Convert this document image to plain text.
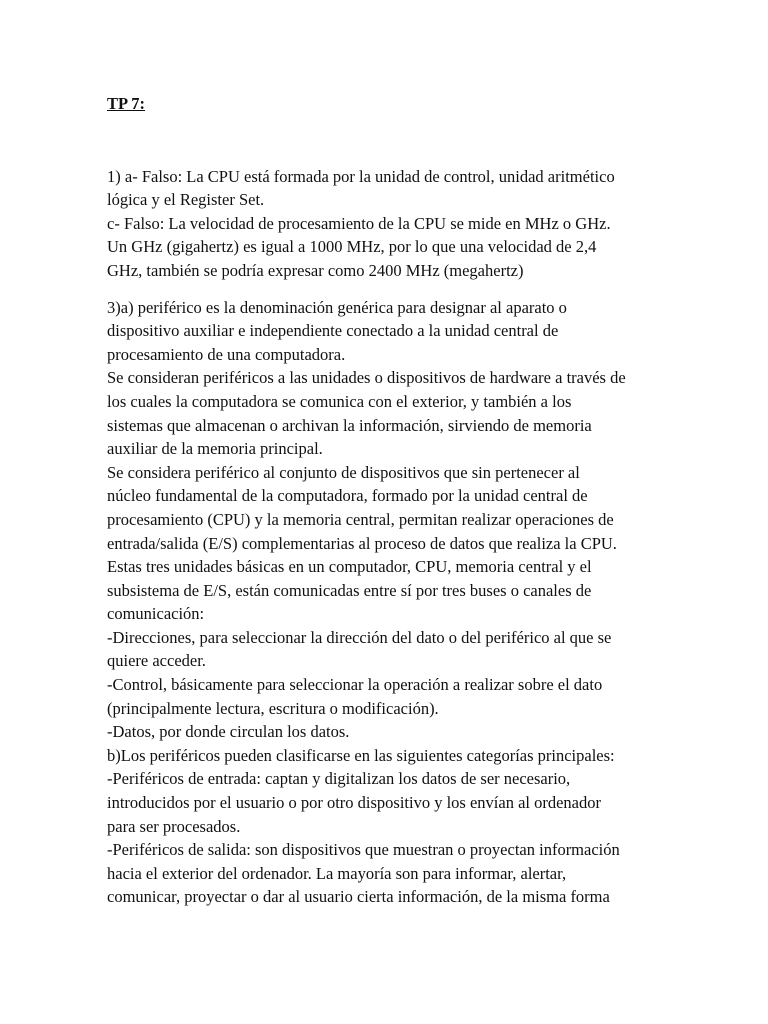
TP 7:

1) a- Falso: La CPU está formada por la unidad de control, unidad aritmético
lógica y el Register Set.
c- Falso: La velocidad de procesamiento de la CPU se mide en MHz o GHz.
Un GHz (gigahertz) es igual a 1000 MHz, por lo que una velocidad de 2,4
GHz, también se podría expresar como 2400 MHz (megahertz)

3)a) periférico es la denominación genérica para designar al aparato o
dispositivo auxiliar e independiente conectado a la unidad central de
procesamiento de una computadora.
Se consideran periféricos a las unidades o dispositivos de hardware a través de
los cuales la computadora se comunica con el exterior, y también a los
sistemas que almacenan o archivan la información, sirviendo de memoria
auxiliar de la memoria principal.
Se considera periférico al conjunto de dispositivos que sin pertenecer al
núcleo fundamental de la computadora, formado por la unidad central de
procesamiento (CPU) y la memoria central, permitan realizar operaciones de
entrada/salida (E/S) complementarias al proceso de datos que realiza la CPU.
Estas tres unidades básicas en un computador, CPU, memoria central y el
subsistema de E/S, están comunicadas entre sí por tres buses o canales de
comunicación:
-Direcciones, para seleccionar la dirección del dato o del periférico al que se
quiere acceder.
-Control, básicamente para seleccionar la operación a realizar sobre el dato
(principalmente lectura, escritura o modificación).
-Datos, por donde circulan los datos.
b)Los periféricos pueden clasificarse en las siguientes categorías principales:
-Periféricos de entrada: captan y digitalizan los datos de ser necesario,
introducidos por el usuario o por otro dispositivo y los envían al ordenador
para ser procesados.
-Periféricos de salida: son dispositivos que muestran o proyectan información
hacia el exterior del ordenador. La mayoría son para informar, alertar,
comunicar, proyectar o dar al usuario cierta información, de la misma forma
